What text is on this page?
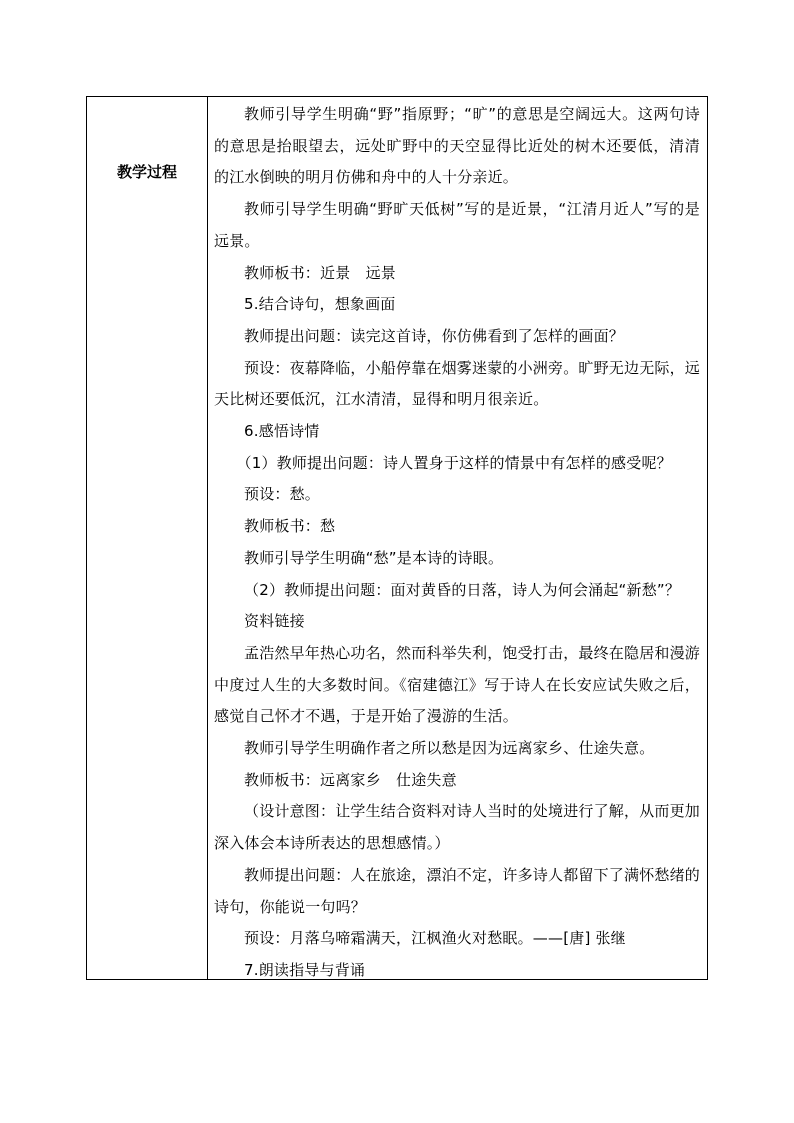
教学过程

教师引导学生明确“野”指原野；“旷”的意思是空阔远大。这两句诗的意思是抬眼望去，远处旷野中的天空显得比近处的树木还要低，清清的江水倒映的明月仿佛和舟中的人十分亲近。

教师引导学生明确“野旷天低树”写的是近景，“江清月近人”写的是远景。

教师板书：近景　远景

5.结合诗句，想象画面

教师提出问题：读完这首诗，你仿佛看到了怎样的画面？

预设：夜幕降临，小船停靠在烟雾迷蒙的小洲旁。旷野无边无际，远天比树还要低沉，江水清清，显得和明月很亲近。

6.感悟诗情

（1）教师提出问题：诗人置身于这样的情景中有怎样的感受呢？

预设：愁。

教师板书：愁

教师引导学生明确“愁”是本诗的诗眼。

（2）教师提出问题：面对黄昏的日落，诗人为何会涌起“新愁”？

资料链接

孟浩然早年热心功名，然而科举失利，饱受打击，最终在隐居和漫游中度过人生的大多数时间。《宿建德江》写于诗人在长安应试失败之后，感觉自己怀才不遇，于是开始了漫游的生活。

教师引导学生明确作者之所以愁是因为远离家乡、仕途失意。

教师板书：远离家乡　仕途失意

（设计意图：让学生结合资料对诗人当时的处境进行了解，从而更加深入体会本诗所表达的思想感情。）

教师提出问题：人在旅途，漂泊不定，许多诗人都留下了满怀愁绪的诗句，你能说一句吗？

预设：月落乌啼霜满天，江枫渔火对愁眠。——[唐] 张继

7.朗读指导与背诵
